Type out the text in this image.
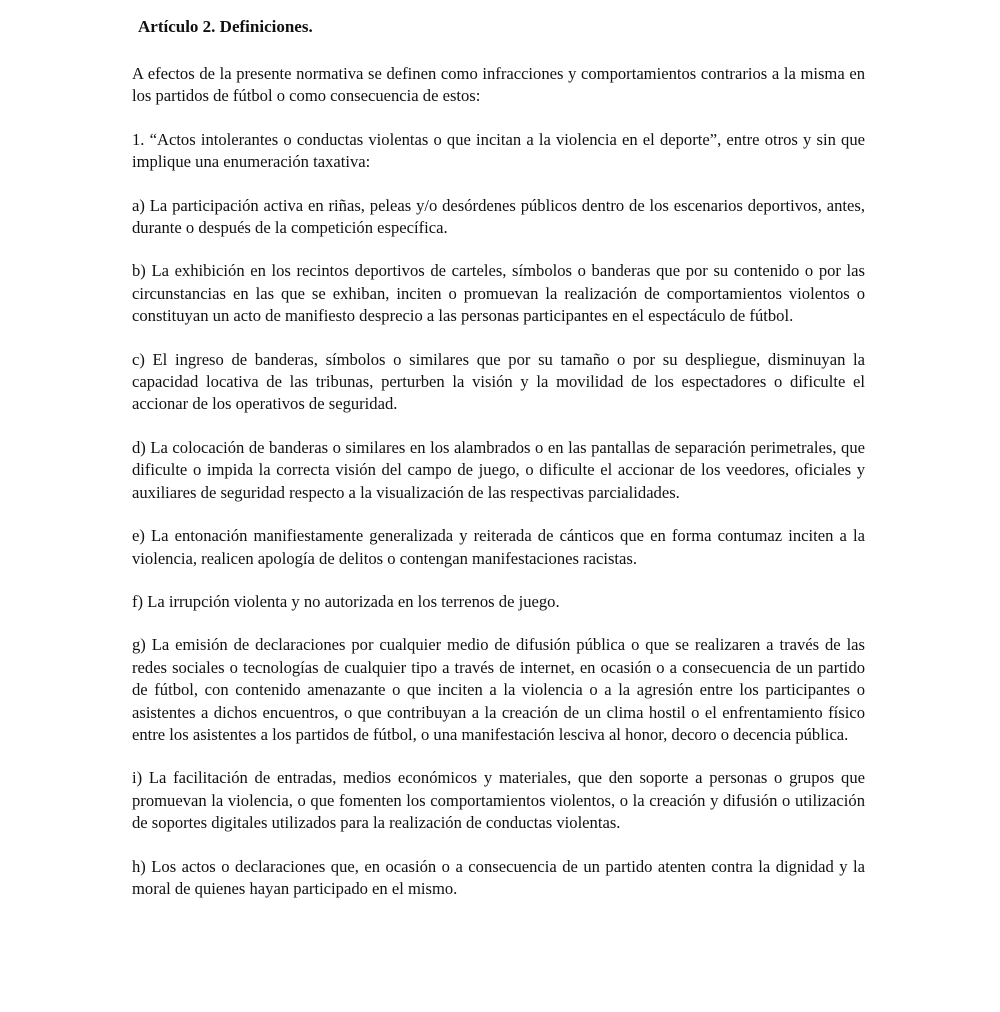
Artículo 2. Definiciones.

A efectos de la presente normativa se definen como infracciones y comportamientos contrarios a la misma en los partidos de fútbol o como consecuencia de estos:

1. “Actos intolerantes o conductas violentas o que incitan a la violencia en el deporte”, entre otros y sin que implique una enumeración taxativa:

a) La participación activa en riñas, peleas y/o desórdenes públicos dentro de los escenarios deportivos, antes, durante o después de la competición específica.

b) La exhibición en los recintos deportivos de carteles, símbolos o banderas que por su contenido o por las circunstancias en las que se exhiban, inciten o promuevan la realización de comportamientos violentos o constituyan un acto de manifiesto desprecio a las personas participantes en el espectáculo de fútbol.

c) El ingreso de banderas, símbolos o similares que por su tamaño o por su despliegue, disminuyan la capacidad locativa de las tribunas, perturben la visión y la movilidad de los espectadores o dificulte el accionar de los operativos de seguridad.

d) La colocación de banderas o similares en los alambrados o en las pantallas de separación perimetrales, que dificulte o impida la correcta visión del campo de juego, o dificulte el accionar de los veedores, oficiales y auxiliares de seguridad respecto a la visualización de las respectivas parcialidades.

e) La entonación manifiestamente generalizada y reiterada de cánticos que en forma contumaz inciten a la violencia, realicen apología de delitos o contengan manifestaciones racistas.

f) La irrupción violenta y no autorizada en los terrenos de juego.

g) La emisión de declaraciones por cualquier medio de difusión pública o que se realizaren a través de las redes sociales o tecnologías de cualquier tipo a través de internet, en ocasión o a consecuencia de un partido de fútbol, con contenido amenazante o que inciten a la violencia o a la agresión entre los participantes o asistentes a dichos encuentros, o que contribuyan a la creación de un clima hostil o el enfrentamiento físico entre los asistentes a los partidos de fútbol, o una manifestación lesciva al honor, decoro o decencia pública.

i) La facilitación de entradas, medios económicos y materiales, que den soporte a personas o grupos que promuevan la violencia, o que fomenten los comportamientos violentos, o la creación y difusión o utilización de soportes digitales utilizados para la realización de conductas violentas.

h) Los actos o declaraciones que, en ocasión o a consecuencia de un partido atenten contra la dignidad y la moral de quienes hayan participado en el mismo.
